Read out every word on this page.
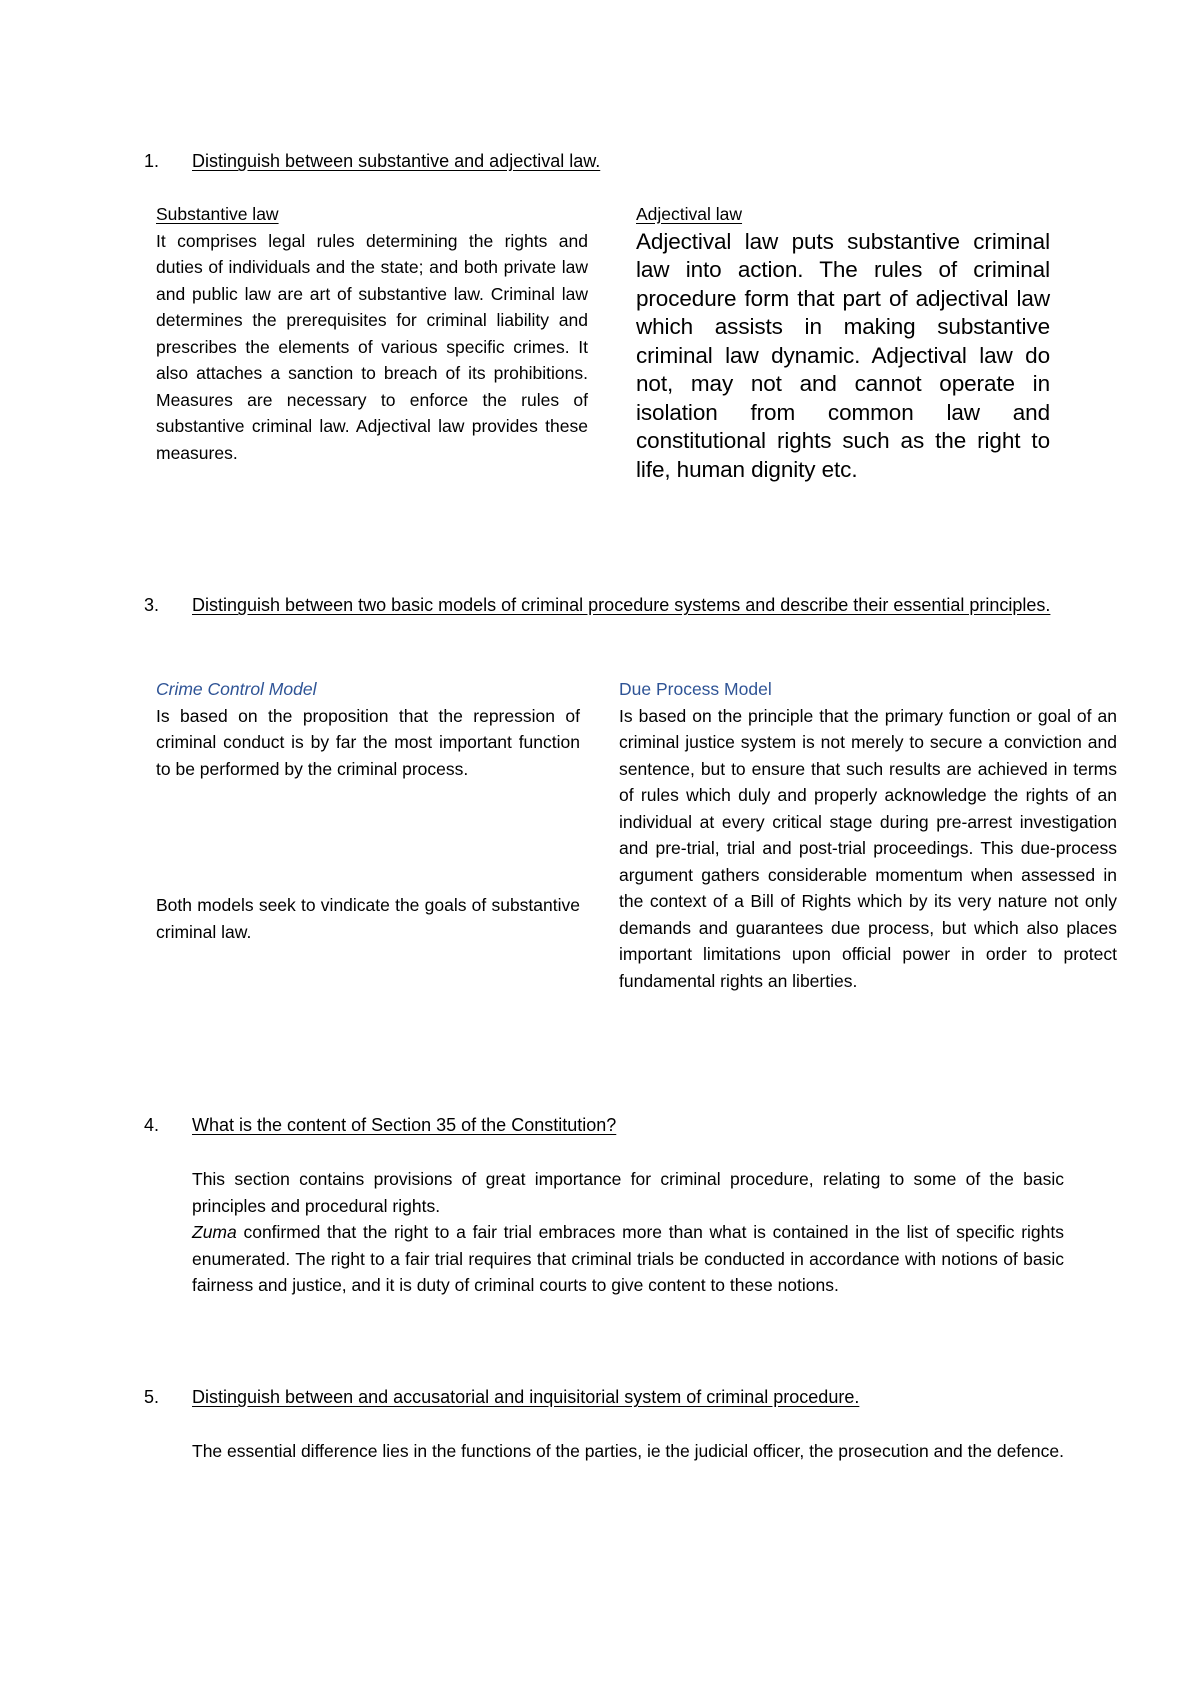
1. Distinguish between substantive and adjectival law.
Substantive law
It comprises legal rules determining the rights and duties of individuals and the state; and both private law and public law are art of substantive law. Criminal law determines the prerequisites for criminal liability and prescribes the elements of various specific crimes. It also attaches a sanction to breach of its prohibitions. Measures are necessary to enforce the rules of substantive criminal law. Adjectival law provides these measures.
Adjectival law
Adjectival law puts substantive criminal law into action. The rules of criminal procedure form that part of adjectival law which assists in making substantive criminal law dynamic. Adjectival law do not, may not and cannot operate in isolation from common law and constitutional rights such as the right to life, human dignity etc.
3. Distinguish between two basic models of criminal procedure systems and describe their essential principles.
Crime Control Model
Is based on the proposition that the repression of criminal conduct is by far the most important function to be performed by the criminal process.
Both models seek to vindicate the goals of substantive criminal law.
Due Process Model
Is based on the principle that the primary function or goal of an criminal justice system is not merely to secure a conviction and sentence, but to ensure that such results are achieved in terms of rules which duly and properly acknowledge the rights of an individual at every critical stage during pre-arrest investigation and pre-trial, trial and post-trial proceedings. This due-process argument gathers considerable momentum when assessed in the context of a Bill of Rights which by its very nature not only demands and guarantees due process, but which also places important limitations upon official power in order to protect fundamental rights an liberties.
4. What is the content of Section 35 of the Constitution?

This section contains provisions of great importance for criminal procedure, relating to some of the basic principles and procedural rights.

Zuma confirmed that the right to a fair trial embraces more than what is contained in the list of specific rights enumerated. The right to a fair trial requires that criminal trials be conducted in accordance with notions of basic fairness and justice, and it is duty of criminal courts to give content to these notions.

5. Distinguish between and accusatorial and inquisitorial system of criminal procedure.

The essential difference lies in the functions of the parties, ie the judicial officer, the prosecution and the defence.
